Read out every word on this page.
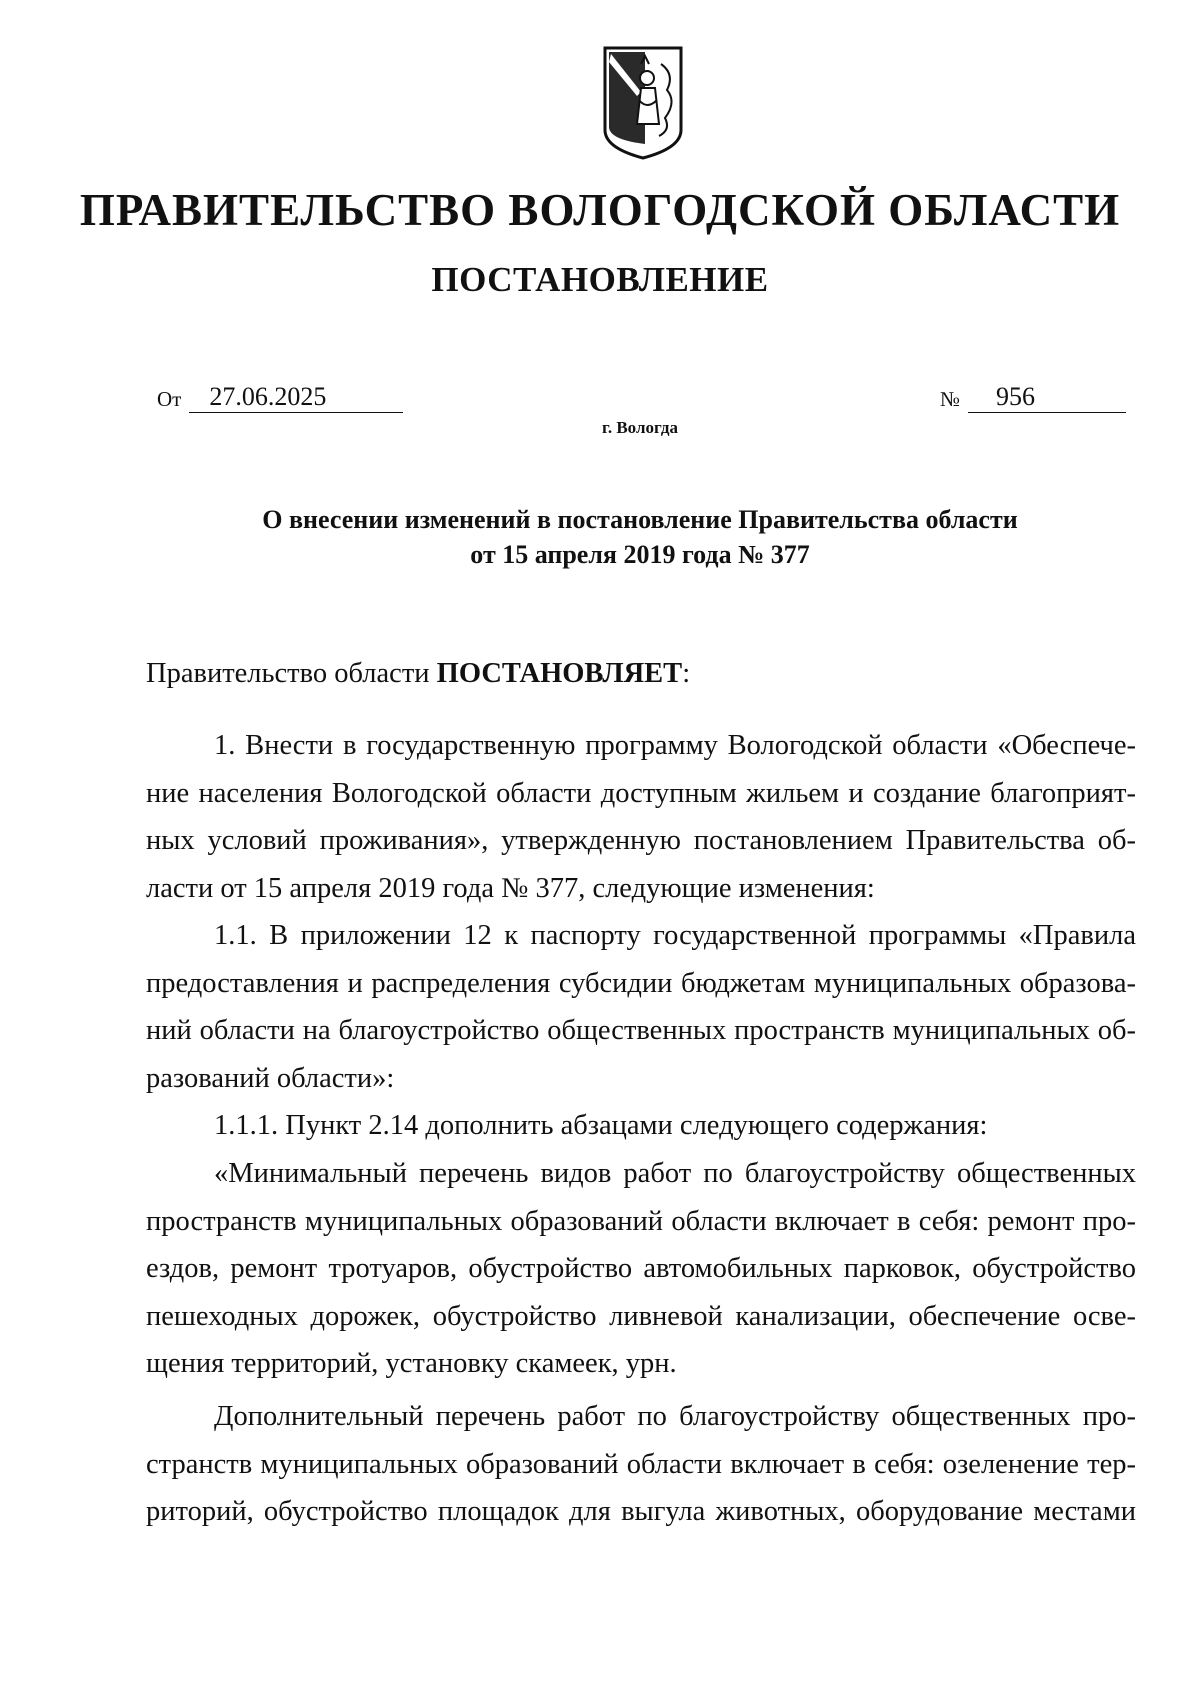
ПРАВИТЕЛЬСТВО ВОЛОГОДСКОЙ ОБЛАСТИ
ПОСТАНОВЛЕНИЕ
От	27.06.2025	№	956
г. Вологда
О внесении изменений в постановление Правительства области
от 15 апреля 2019 года № 377
Правительство области ПОСТАНОВЛЯЕТ:
1. Внести в государственную программу Вологодской области «Обеспече-
ние населения Вологодской области доступным жильем и создание благоприят-
ных условий проживания», утвержденную постановлением Правительства об-
ласти от 15 апреля 2019 года № 377, следующие изменения:
1.1. В приложении 12 к паспорту государственной программы «Правила
предоставления и распределения субсидии бюджетам муниципальных образова-
ний области на благоустройство общественных пространств муниципальных об-
разований области»:
1.1.1. Пункт 2.14 дополнить абзацами следующего содержания:
«Минимальный перечень видов работ по благоустройству общественных
пространств муниципальных образований области включает в себя: ремонт про-
ездов, ремонт тротуаров, обустройство автомобильных парковок, обустройство
пешеходных дорожек, обустройство ливневой канализации, обеспечение осве-
щения территорий, установку скамеек, урн.
Дополнительный перечень работ по благоустройству общественных про-
странств муниципальных образований области включает в себя: озеленение тер-
риторий, обустройство площадок для выгула животных, оборудование местами
